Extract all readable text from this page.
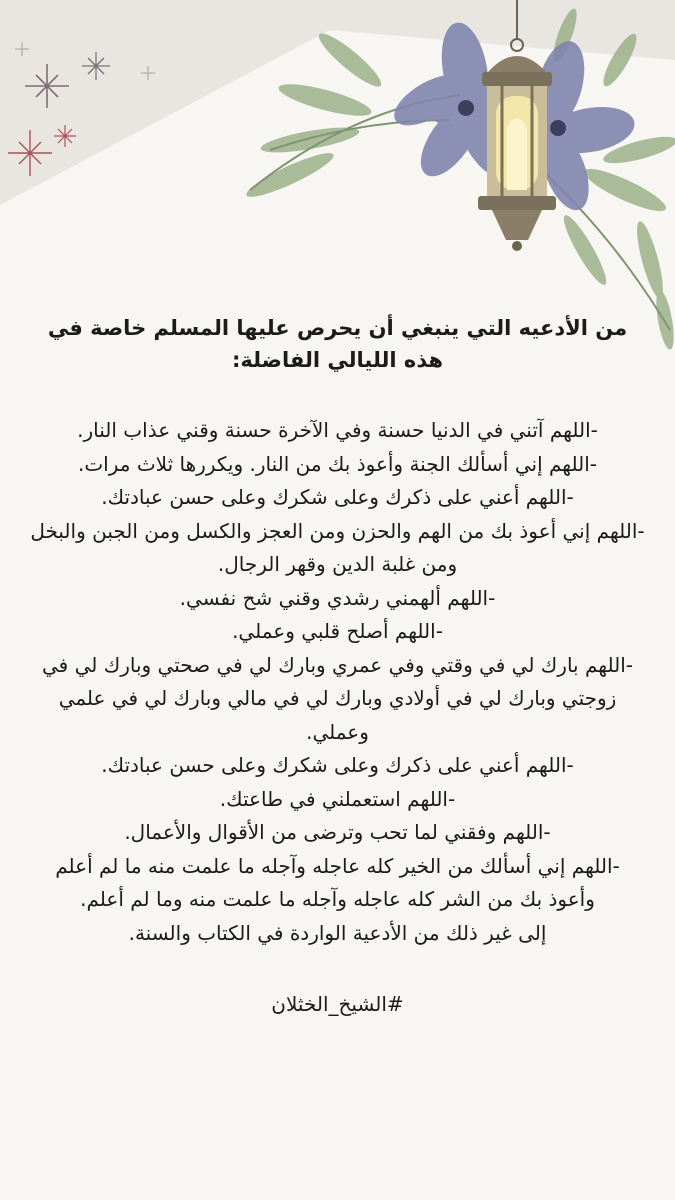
من الأدعيه التي ينبغي أن يحرص عليها المسلم خاصة في هذه الليالي الفاضلة:

-اللهم آتني في الدنيا حسنة وفي الآخرة حسنة وقني عذاب النار.

-اللهم إني أسألك الجنة وأعوذ بك من النار. ويكررها ثلاث مرات.

-اللهم أعني على ذكرك وعلى شكرك وعلى حسن عبادتك.

-اللهم إني أعوذ بك من الهم والحزن ومن العجز والكسل ومن الجبن والبخل ومن غلبة الدين وقهر الرجال.

-اللهم ألهمني رشدي وقني شح نفسي.

-اللهم أصلح قلبي وعملي.

-اللهم بارك لي في وقتي وفي عمري وبارك لي في صحتي وبارك لي في زوجتي وبارك لي في أولادي وبارك لي في مالي وبارك لي في علمي وعملي.

-اللهم أعني على ذكرك وعلى شكرك وعلى حسن عبادتك.

-اللهم استعملني في طاعتك.

-اللهم وفقني لما تحب وترضى من الأقوال والأعمال.

-اللهم إني أسألك من الخير كله عاجله وآجله ما علمت منه ما لم أعلم وأعوذ بك من الشر كله عاجله وآجله ما علمت منه وما لم أعلم.

إلى غير ذلك من الأدعية الواردة في الكتاب والسنة.

#الشيخ_الخثلان
